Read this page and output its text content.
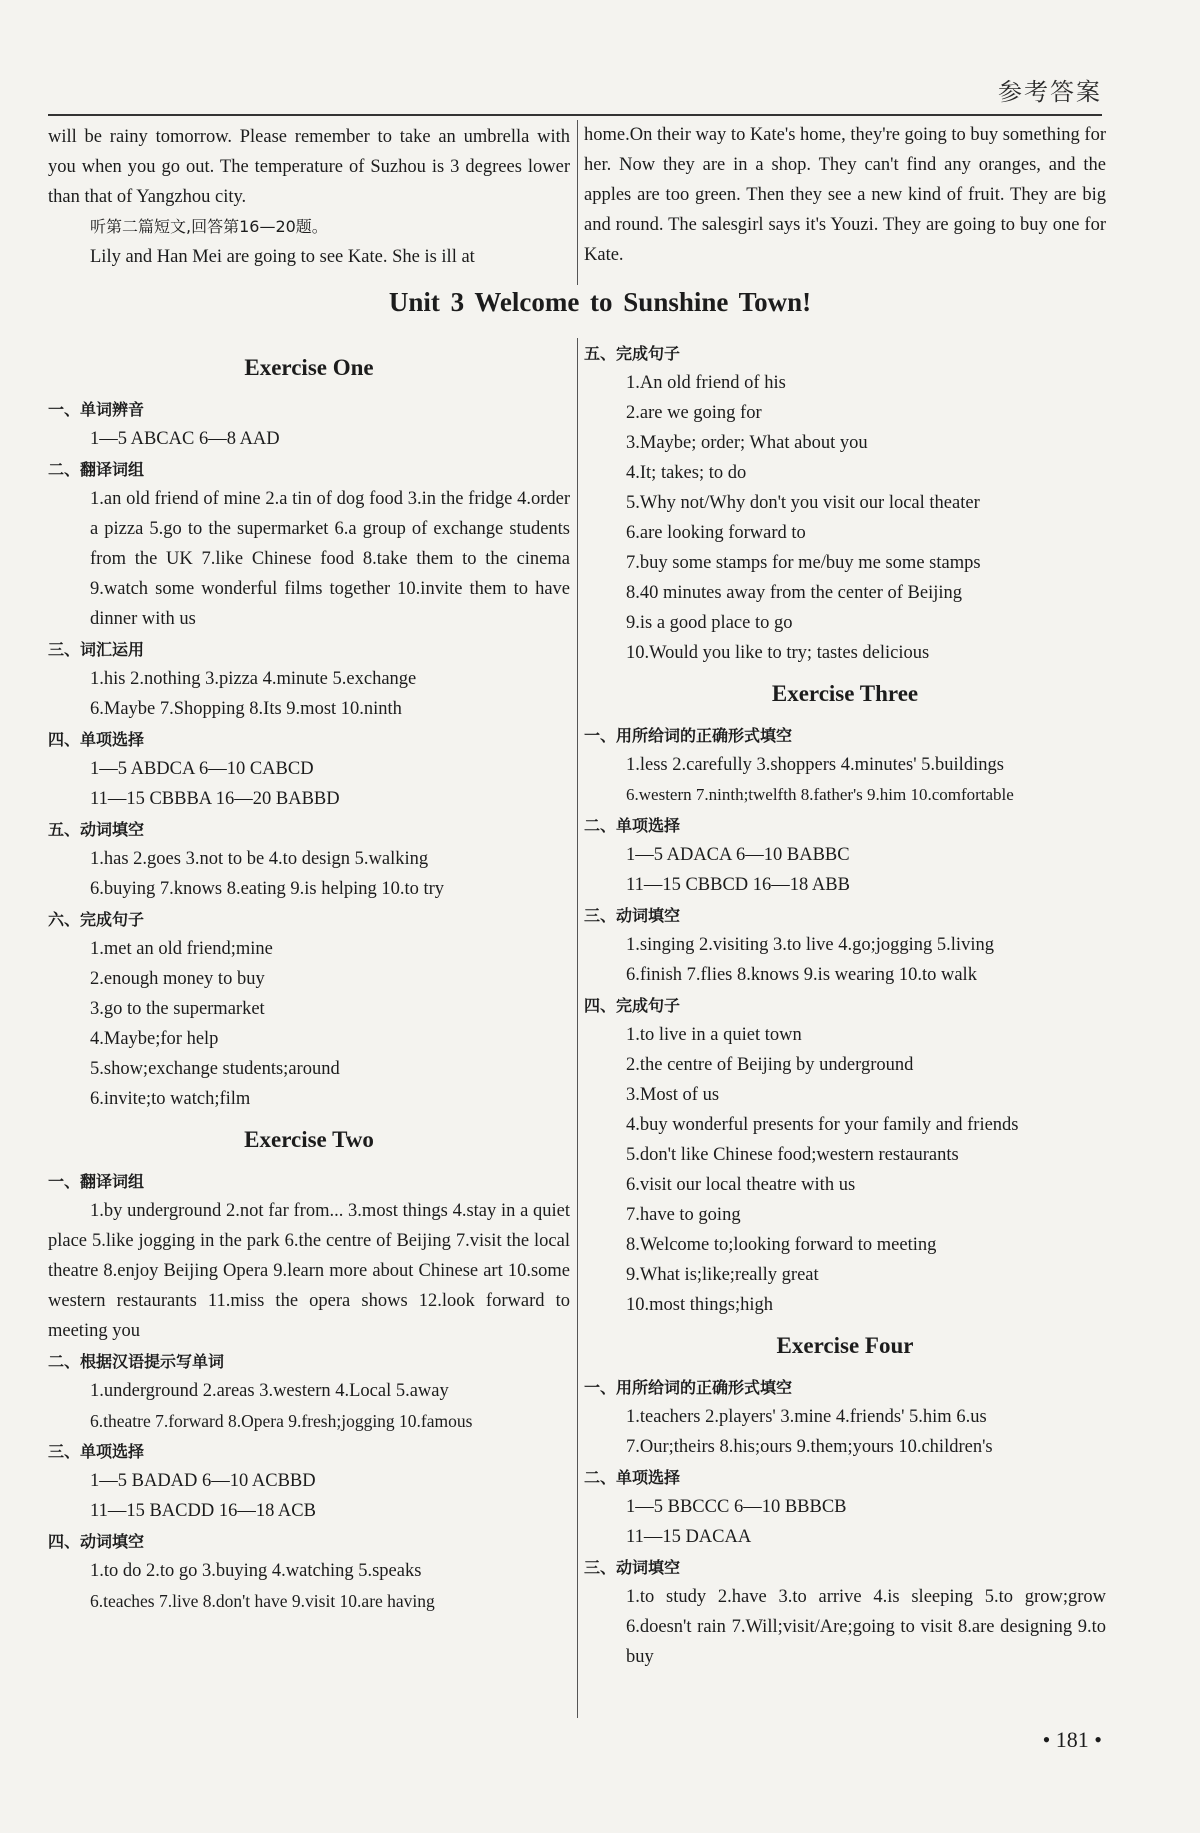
参考答案
will be rainy tomorrow. Please remember to take an umbrella with you when you go out. The temperature of Suzhou is 3 degrees lower than that of Yangzhou city.
听第二篇短文,回答第16—20题。
Lily and Han Mei are going to see Kate. She is ill at
home.On their way to Kate's home, they're going to buy something for her. Now they are in a shop. They can't find any oranges, and the apples are too green. Then they see a new kind of fruit. They are big and round. The salesgirl says it's Youzi. They are going to buy one for Kate.
Unit 3 Welcome to Sunshine Town!
Exercise One
一、单词辨音
1—5 ABCAC 6—8 AAD
二、翻译词组
1.an old friend of mine 2.a tin of dog food 3.in the fridge 4.order a pizza 5.go to the supermarket 6.a group of exchange students from the UK 7.like Chinese food 8.take them to the cinema 9.watch some wonderful films together 10.invite them to have dinner with us
三、词汇运用
1.his 2.nothing 3.pizza 4.minute 5.exchange
6.Maybe 7.Shopping 8.Its 9.most 10.ninth
四、单项选择
1—5 ABDCA 6—10 CABCD
11—15 CBBBA 16—20 BABBD
五、动词填空
1.has 2.goes 3.not to be 4.to design 5.walking
6.buying 7.knows 8.eating 9.is helping 10.to try
六、完成句子
1.met an old friend;mine
2.enough money to buy
3.go to the supermarket
4.Maybe;for help
5.show;exchange students;around
6.invite;to watch;film
Exercise Two
一、翻译词组
1.by underground 2.not far from... 3.most things 4.stay in a quiet place 5.like jogging in the park 6.the centre of Beijing 7.visit the local theatre 8.enjoy Beijing Opera 9.learn more about Chinese art 10.some western restaurants 11.miss the opera shows 12.look forward to meeting you
二、根据汉语提示写单词
1.underground 2.areas 3.western 4.Local 5.away
6.theatre 7.forward 8.Opera 9.fresh;jogging 10.famous
三、单项选择
1—5 BADAD 6—10 ACBBD
11—15 BACDD 16—18 ACB
四、动词填空
1.to do 2.to go 3.buying 4.watching 5.speaks
6.teaches 7.live 8.don't have 9.visit 10.are having
五、完成句子
1.An old friend of his
2.are we going for
3.Maybe; order; What about you
4.It; takes; to do
5.Why not/Why don't you visit our local theater
6.are looking forward to
7.buy some stamps for me/buy me some stamps
8.40 minutes away from the center of Beijing
9.is a good place to go
10.Would you like to try; tastes delicious
Exercise Three
一、用所给词的正确形式填空
1.less 2.carefully 3.shoppers 4.minutes' 5.buildings
6.western 7.ninth;twelfth 8.father's 9.him 10.comfortable
二、单项选择
1—5 ADACA 6—10 BABBC
11—15 CBBCD 16—18 ABB
三、动词填空
1.singing 2.visiting 3.to live 4.go;jogging 5.living
6.finish 7.flies 8.knows 9.is wearing 10.to walk
四、完成句子
1.to live in a quiet town
2.the centre of Beijing by underground
3.Most of us
4.buy wonderful presents for your family and friends
5.don't like Chinese food;western restaurants
6.visit our local theatre with us
7.have to going
8.Welcome to;looking forward to meeting
9.What is;like;really great
10.most things;high
Exercise Four
一、用所给词的正确形式填空
1.teachers 2.players' 3.mine 4.friends' 5.him 6.us
7.Our;theirs 8.his;ours 9.them;yours 10.children's
二、单项选择
1—5 BBCCC 6—10 BBBCB
11—15 DACAA
三、动词填空
1.to study 2.have 3.to arrive 4.is sleeping 5.to grow;grow 6.doesn't rain 7.Will;visit/Are;going to visit 8.are designing 9.to buy
• 181 •
